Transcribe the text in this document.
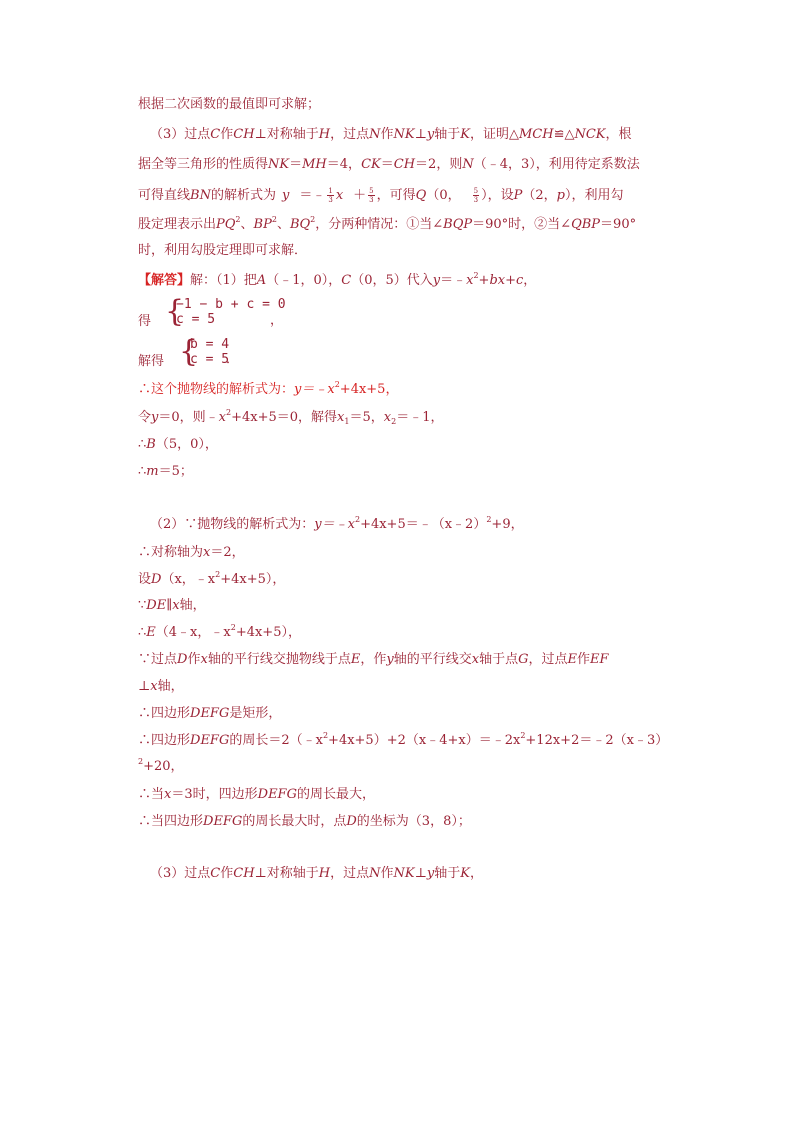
根据二次函数的最值即可求解；
（3）过点C作CH⊥对称轴于H，过点N作NK⊥y轴于K，证明△MCH≌△NCK，根
据全等三角形的性质得NK＝MH＝4，CK＝CH＝2，则N（﹣4，3），利用待定系数法
可得直线BN的解析式为 y ＝﹣ $\frac{1}{3}$ $x + \frac{5}{3}$ ，可得Q（0， $\frac{5}{3}$ ），设P（2，p），利用勾
股定理表示出$PQ^2$、$BP^2$、$BQ^2$，分两种情况：①当∠BQP＝90°时，②当∠QBP＝90°
时，利用勾股定理即可求解．
【解答】解：（1）把A（﹣1，0），C（0，5）代入$y=﹣x^2+bx+c$，
得 {
−1 − b + c = 0
c = 5	，
解得 {
b = 4
c = 5
．
∴这个抛物线的解析式为：$y=﹣x^2+4x+5$，
令y＝0，则$﹣x^2+4x+5=0$，解得$x_1=5$，$x_2=﹣1$，
∴B（5，0），
∴m＝5；
（2）∵抛物线的解析式为：$y=﹣x^2+4x+5=﹣(x﹣2)^2+9$，
∴对称轴为x＝2，
设D（x，$﹣x^2+4x+5$），
∵DE∥x轴，
∴E（4﹣x，$﹣x^2+4x+5$），
∵过点D作x轴的平行线交抛物线于点E，作y轴的平行线交x轴于点G，过点E作EF
⊥x轴，
∴四边形DEFG是矩形，
∴四边形DEFG的周长$=2(﹣x^2+4x+5)+2(x﹣4+x)=﹣2x^2+12x+2=﹣2(x﹣3)$
$^2$+20，
∴当x＝3时，四边形DEFG的周长最大，
∴当四边形DEFG的周长最大时，点D的坐标为（3，8）；
（3）过点C作CH⊥对称轴于H，过点N作NK⊥y轴于K，
